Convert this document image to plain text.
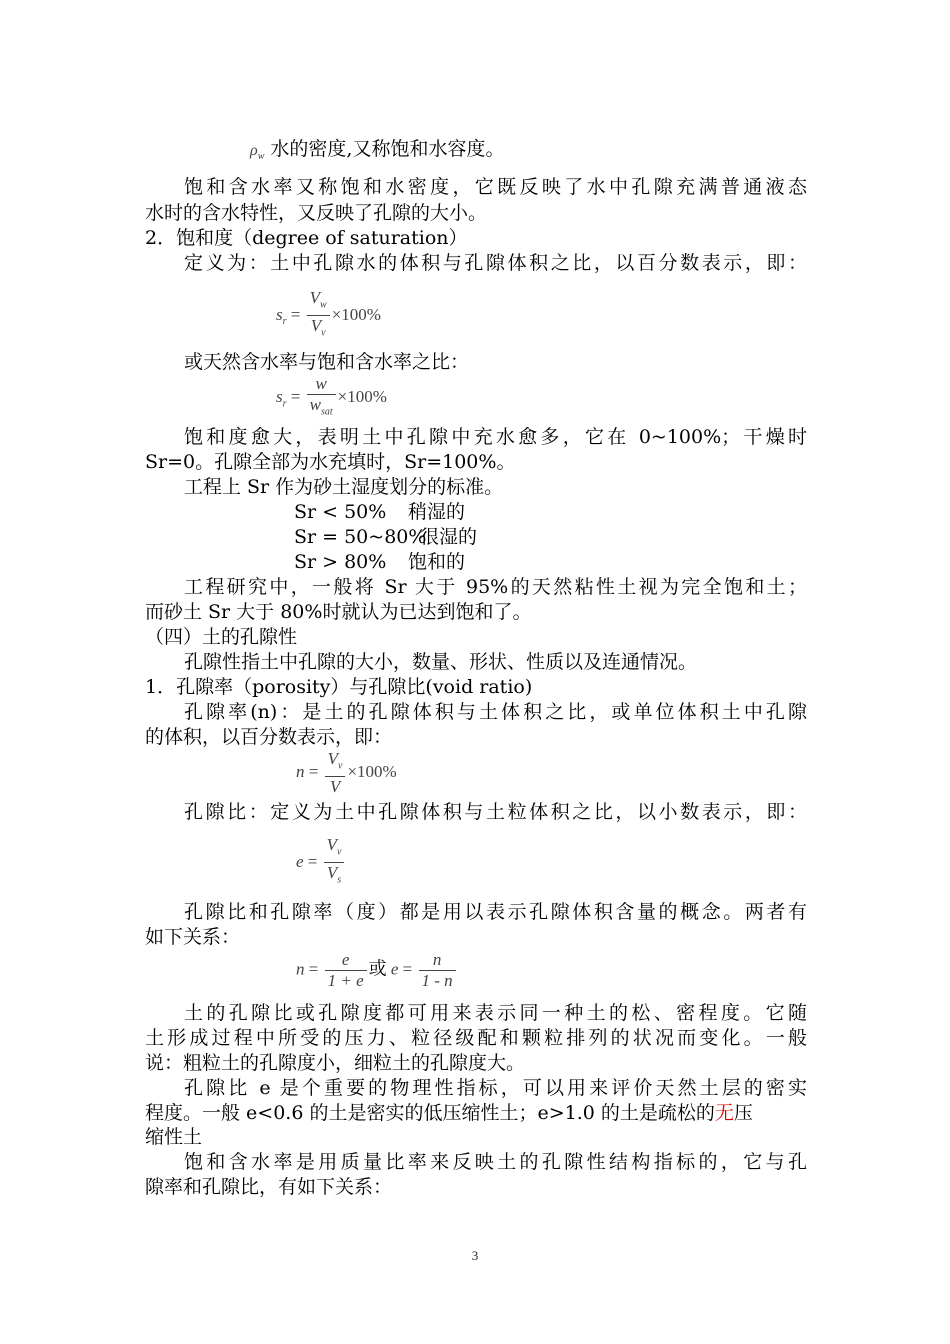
$\rho_w$ 水的密度,又称饱和水容度。
饱和含水率又称饱和水密度，它既反映了水中孔隙充满普通液态
水时的含水特性，又反映了孔隙的大小。
2．饱和度（degree of saturation）
定义为：土中孔隙水的体积与孔隙体积之比，以百分数表示，即：
$s_r = \frac{V_w}{V_v} \times 100\%$
或天然含水率与饱和含水率之比：
$s_r = \frac{w}{w_{sat}} \times 100\%$
饱和度愈大，表明土中孔隙中充水愈多，它在 0~100%；干燥时
Sr=0。孔隙全部为水充填时，Sr=100%。
工程上 Sr 作为砂土湿度划分的标准。
Sr < 50% 稍湿的
Sr = 50~80%很湿的
Sr > 80% 饱和的
工程研究中，一般将 Sr 大于 95%的天然粘性土视为完全饱和土；
而砂土 Sr 大于 80%时就认为已达到饱和了。
（四）土的孔隙性
孔隙性指土中孔隙的大小，数量、形状、性质以及连通情况。
1．孔隙率（porosity）与孔隙比(void ratio)
孔隙率(n)：是土的孔隙体积与土体积之比，或单位体积土中孔隙
的体积，以百分数表示，即：
$n = \frac{V_v}{V} \times 100\%$
孔隙比：定义为土中孔隙体积与土粒体积之比，以小数表示，即：
$e = \frac{V_v}{V_s}$
孔隙比和孔隙率（度）都是用以表示孔隙体积含量的概念。两者有
如下关系：
$n = \frac{e}{1 + e}$ 或 $e = \frac{n}{1 - n}$
土的孔隙比或孔隙度都可用来表示同一种土的松、密程度。它随
土形成过程中所受的压力、粒径级配和颗粒排列的状况而变化。一般
说：粗粒土的孔隙度小，细粒土的孔隙度大。
孔隙比 e 是个重要的物理性指标，可以用来评价天然土层的密实
程度。一般 e<0.6 的土是密实的低压缩性土；e>1.0 的土是疏松的无压
缩性土
饱和含水率是用质量比率来反映土的孔隙性结构指标的，它与孔
隙率和孔隙比，有如下关系：
3
